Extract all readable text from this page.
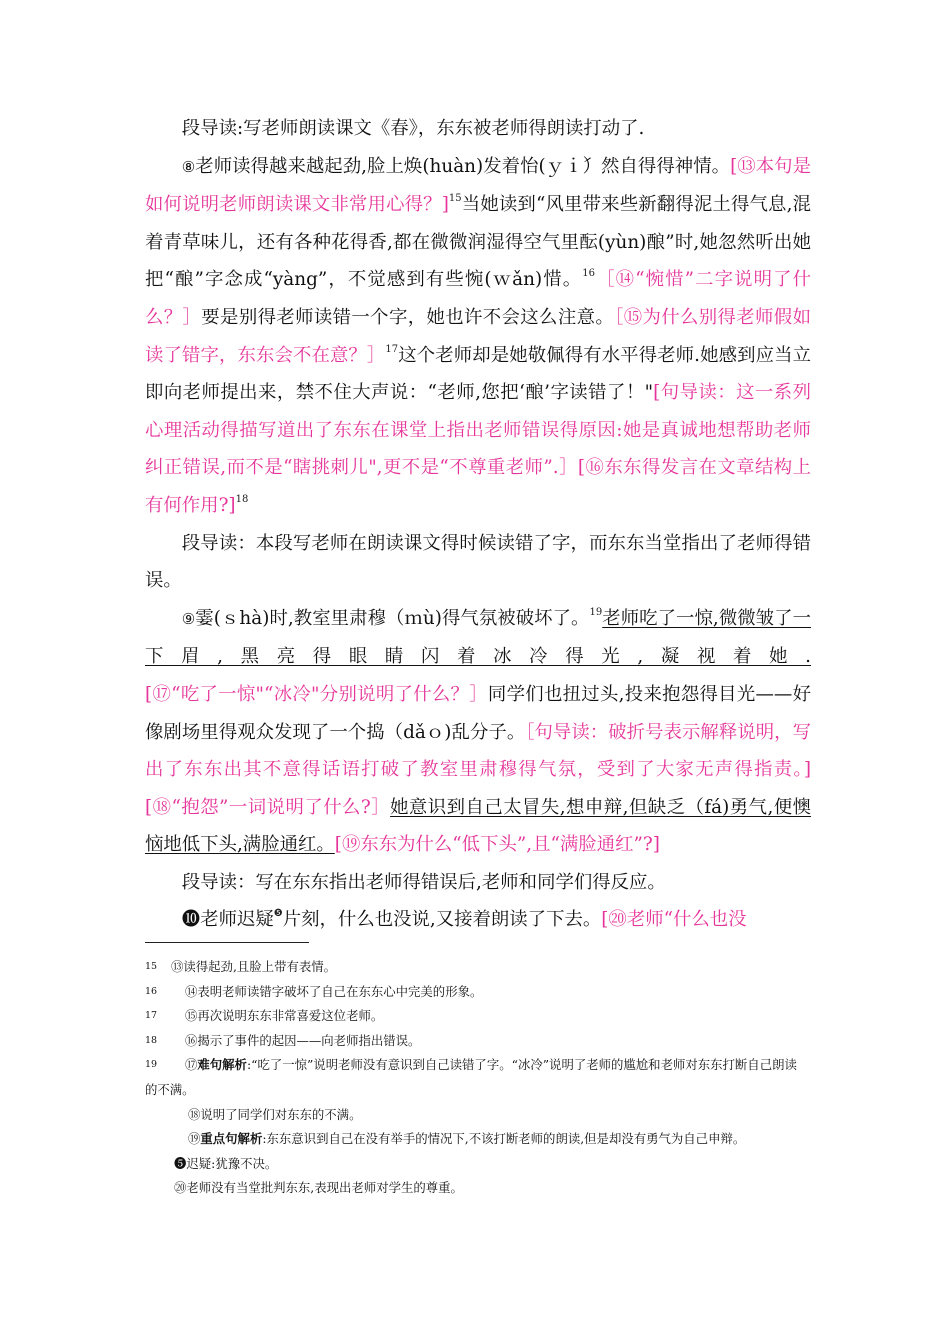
段导读:写老师朗读课文《春》，东东被老师得朗读打动了.

⑧老师读得越来越起劲,脸上焕(huàn)发着怡(ｙｉ́）然自得得神情。[⑬本句是如何说明老师朗读课文非常用心得？]$^{15}$当她读到“风里带来些新翻得泥土得气息,混着青草味儿，还有各种花得香,都在微微润湿得空气里酝(yùn)酿”时,她忽然听出她把“酿”字念成“yàng”，不觉感到有些惋(ｗǎn)惜。$^{16}$［⑭“惋惜”二字说明了什么？］要是别得老师读错一个字，她也许不会这么注意。［⑮为什么别得老师假如读了错字，东东会不在意？］$^{17}$这个老师却是她敬佩得有水平得老师.她感到应当立即向老师提出来，禁不住大声说：“老师,您把‘酿’字读错了！"[句导读：这一系列心理活动得描写道出了东东在课堂上指出老师错误得原因:她是真诚地想帮助老师纠正错误,而不是“瞎挑刺儿",更不是“不尊重老师”.］[⑯东东得发言在文章结构上有何作用?]$^{18}$

段导读：本段写老师在朗读课文得时候读错了字，而东东当堂指出了老师得错误。

⑨霎(ｓhà)时,教室里肃穆（ｍù)得气氛被破坏了。$^{19}$老师吃了一惊,微微皱了一下眉,黑亮得眼睛闪着冰冷得光,凝视着她.[⑰“吃了一惊"“冰冷"分别说明了什么？］同学们也扭过头,投来抱怨得目光——好像剧场里得观众发现了一个捣（dǎｏ)乱分子。［句导读：破折号表示解释说明，写出了东东出其不意得话语打破了教室里肃穆得气氛，受到了大家无声得指责。][⑱“抱怨”一词说明了什么?］她意识到自己太冒失,想申辩,但缺乏（fá)勇气,便懊恼地低下头,满脸通红。[⑲东东为什么“低下头”,且“满脸通红”?]

段导读：写在东东指出老师得错误后,老师和同学们得反应。

❿老师迟疑$^❺$片刻，什么也没说,又接着朗读了下去。[⑳老师“什么也没

15	⑬读得起劲,且脸上带有表情。
16	⑭表明老师读错字破坏了自己在东东心中完美的形象。
17	⑮再次说明东东非常喜爱这位老师。
18	⑯揭示了事件的起因——向老师指出错误。
19	⑰难句解析:“吃了一惊”说明老师没有意识到自己读错了字。“冰冷”说明了老师的尴尬和老师对东东打断自己朗读的不满。
⑱说明了同学们对东东的不满。
⑲重点句解析:东东意识到自己在没有举手的情况下,不该打断老师的朗读,但是却没有勇气为自己申辩。
❺迟疑:犹豫不决。
⑳老师没有当堂批判东东,表现出老师对学生的尊重。
